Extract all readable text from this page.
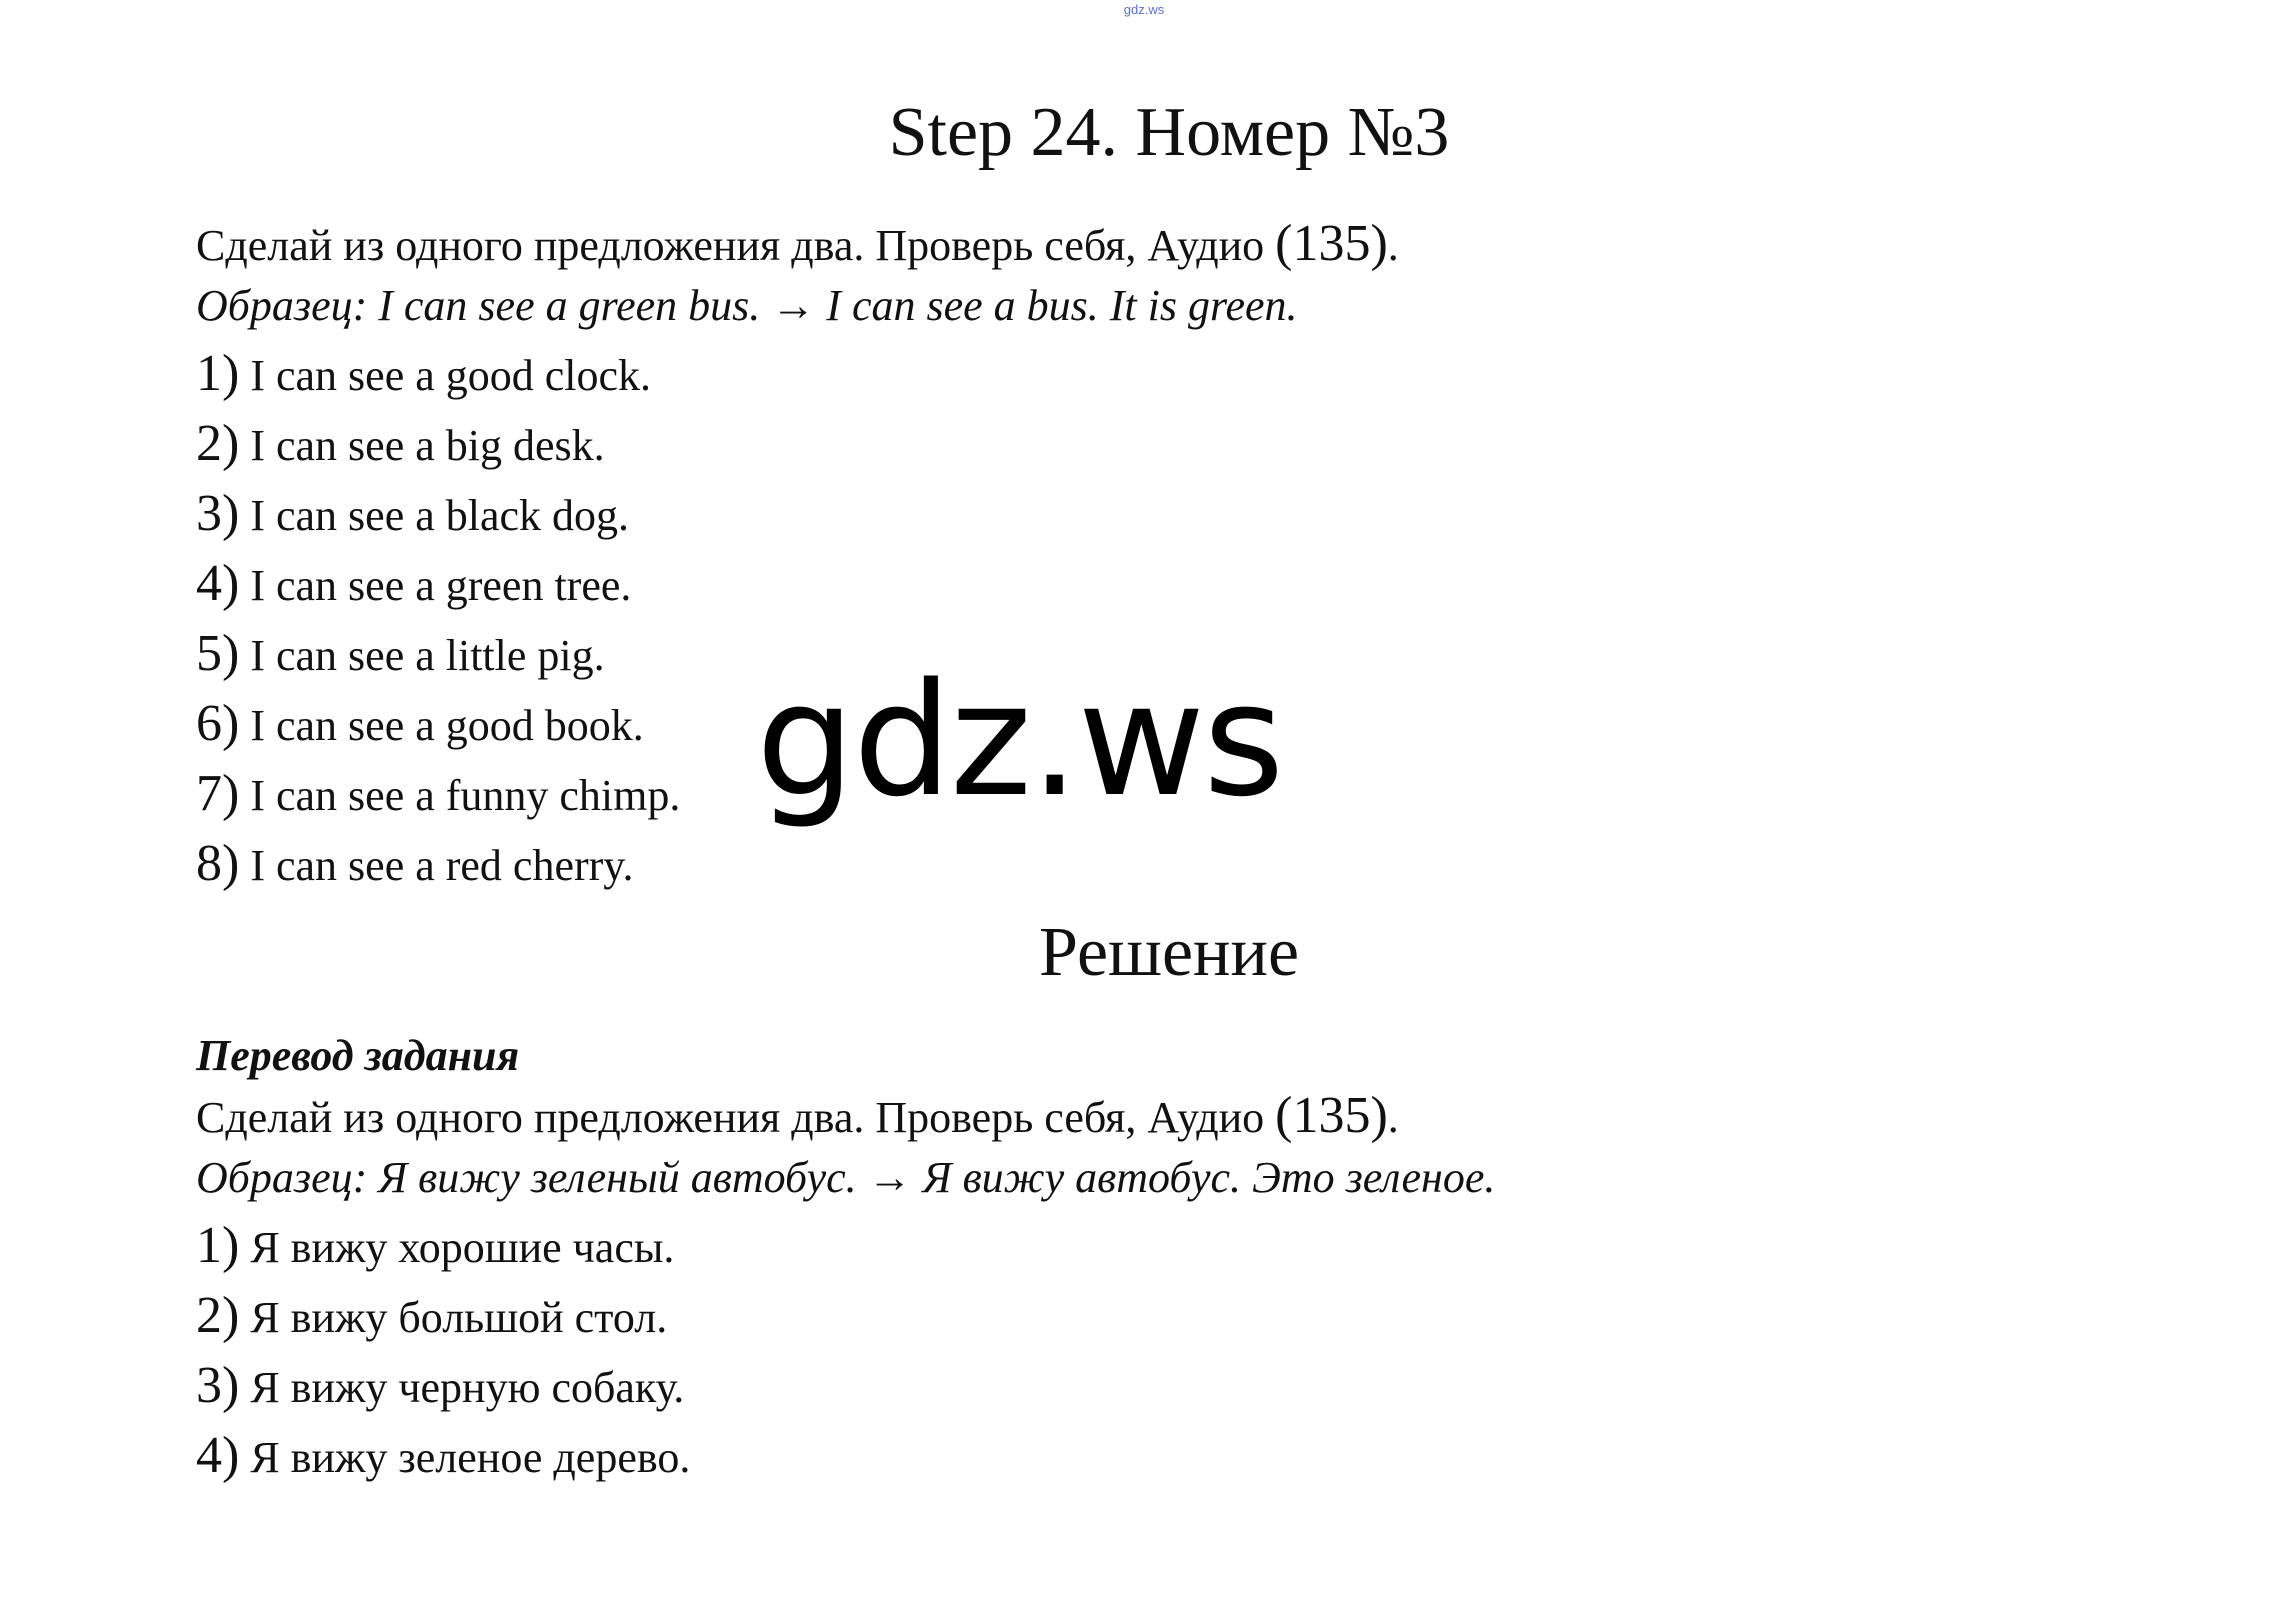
gdz.ws
Step 24. Номер №3
Сделай из одного предложения два. Проверь себя, Аудио (135).
Образец: I can see a green bus. → I can see a bus. It is green.
1) I can see a good clock.
2) I can see a big desk.
3) I can see a black dog.
4) I can see a green tree.
5) I can see a little pig.
6) I can see a good book.
7) I can see a funny chimp.
8) I can see a red cherry.
gdz.ws
Решение
Перевод задания
Сделай из одного предложения два. Проверь себя, Аудио (135).
Образец: Я вижу зеленый автобус. → Я вижу автобус. Это зеленое.
1) Я вижу хорошие часы.
2) Я вижу большой стол.
3) Я вижу черную собаку.
4) Я вижу зеленое дерево.
